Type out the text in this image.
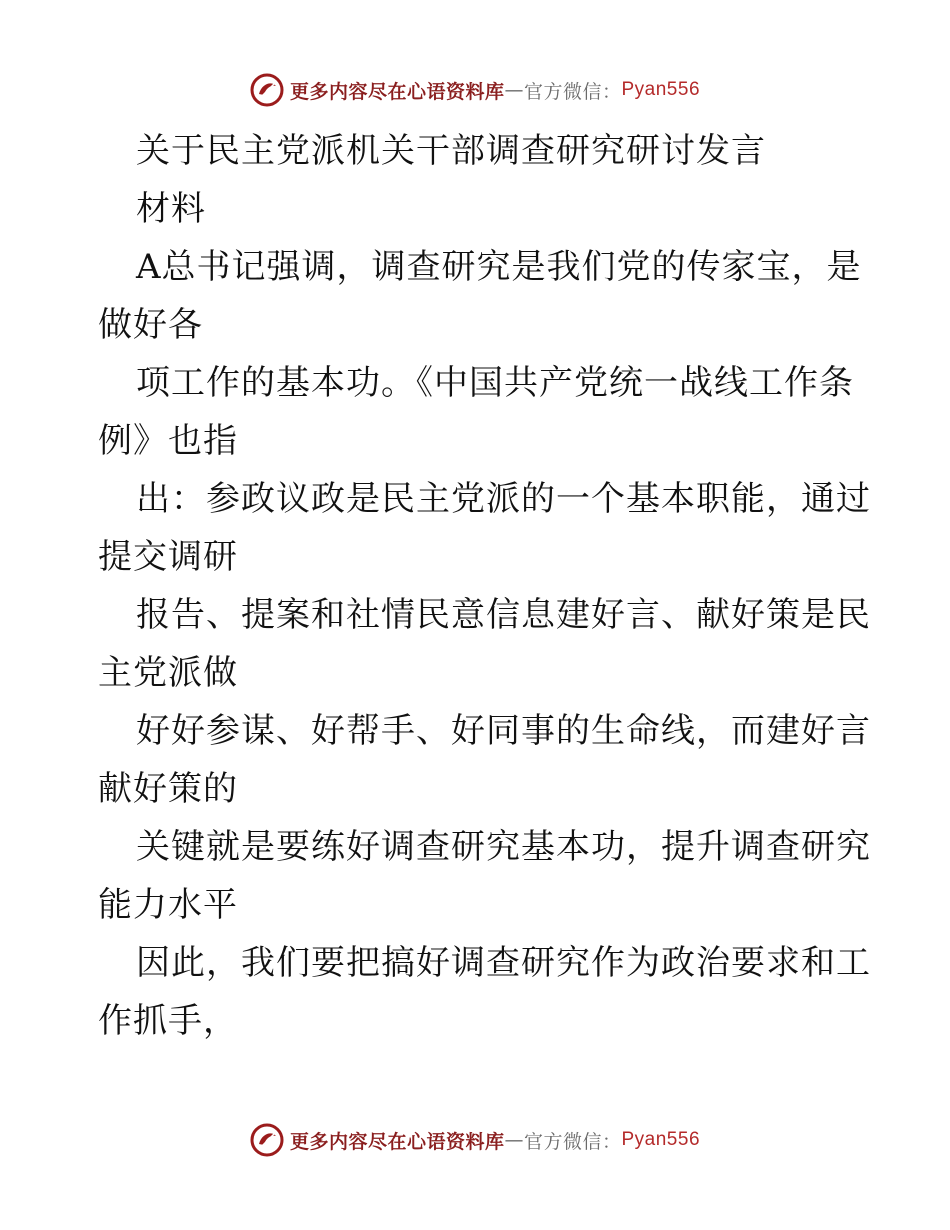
更多内容尽在心语资料库 — 官方微信： Pyan556
关于民主党派机关干部调查研究研讨发言
材料
A总书记强调，调查研究是我们党的传家宝，是
做好各
项工作的基本功。《中国共产党统一战线工作条
例》也指
出：参政议政是民主党派的一个基本职能，通过
提交调研
报告、提案和社情民意信息建好言、献好策是民
主党派做
好好参谋、好帮手、好同事的生命线，而建好言
献好策的
关键就是要练好调查研究基本功，提升调查研究
能力水平
因此，我们要把搞好调查研究作为政治要求和工
作抓手，
更多内容尽在心语资料库 — 官方微信： Pyan556
